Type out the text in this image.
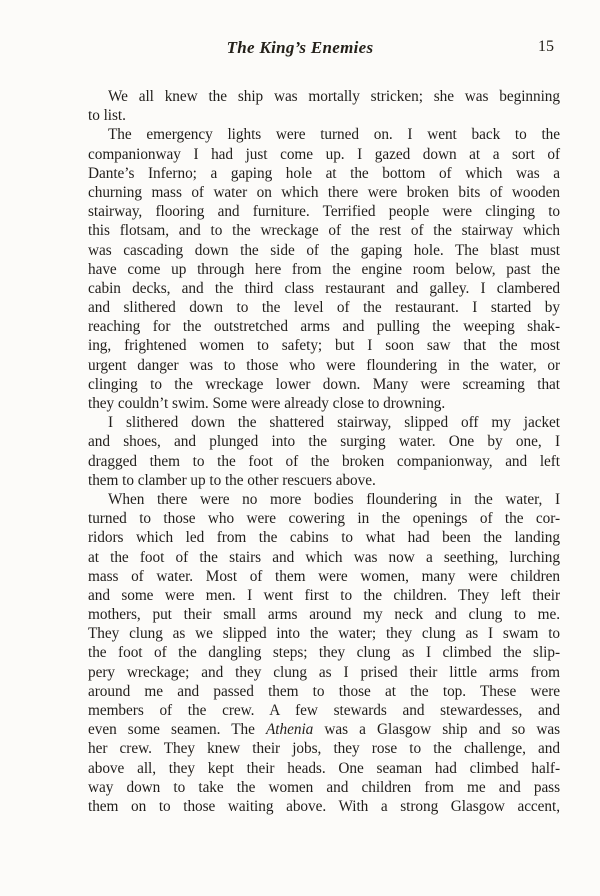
The King’s Enemies	15
We all knew the ship was mortally stricken; she was beginning
to list.
The emergency lights were turned on. I went back to the
companionway I had just come up. I gazed down at a sort of
Dante’s Inferno; a gaping hole at the bottom of which was a
churning mass of water on which there were broken bits of wooden
stairway, flooring and furniture. Terrified people were clinging to
this flotsam, and to the wreckage of the rest of the stairway which
was cascading down the side of the gaping hole. The blast must
have come up through here from the engine room below, past the
cabin decks, and the third class restaurant and galley. I clambered
and slithered down to the level of the restaurant. I started by
reaching for the outstretched arms and pulling the weeping shak-
ing, frightened women to safety; but I soon saw that the most
urgent danger was to those who were floundering in the water, or
clinging to the wreckage lower down. Many were screaming that
they couldn’t swim. Some were already close to drowning.
I slithered down the shattered stairway, slipped off my jacket
and shoes, and plunged into the surging water. One by one, I
dragged them to the foot of the broken companionway, and left
them to clamber up to the other rescuers above.
When there were no more bodies floundering in the water, I
turned to those who were cowering in the openings of the cor-
ridors which led from the cabins to what had been the landing
at the foot of the stairs and which was now a seething, lurching
mass of water. Most of them were women, many were children
and some were men. I went first to the children. They left their
mothers, put their small arms around my neck and clung to me.
They clung as we slipped into the water; they clung as I swam to
the foot of the dangling steps; they clung as I climbed the slip-
pery wreckage; and they clung as I prised their little arms from
around me and passed them to those at the top. These were
members of the crew. A few stewards and stewardesses, and
even some seamen. The Athenia was a Glasgow ship and so was
her crew. They knew their jobs, they rose to the challenge, and
above all, they kept their heads. One seaman had climbed half-
way down to take the women and children from me and pass
them on to those waiting above. With a strong Glasgow accent,
